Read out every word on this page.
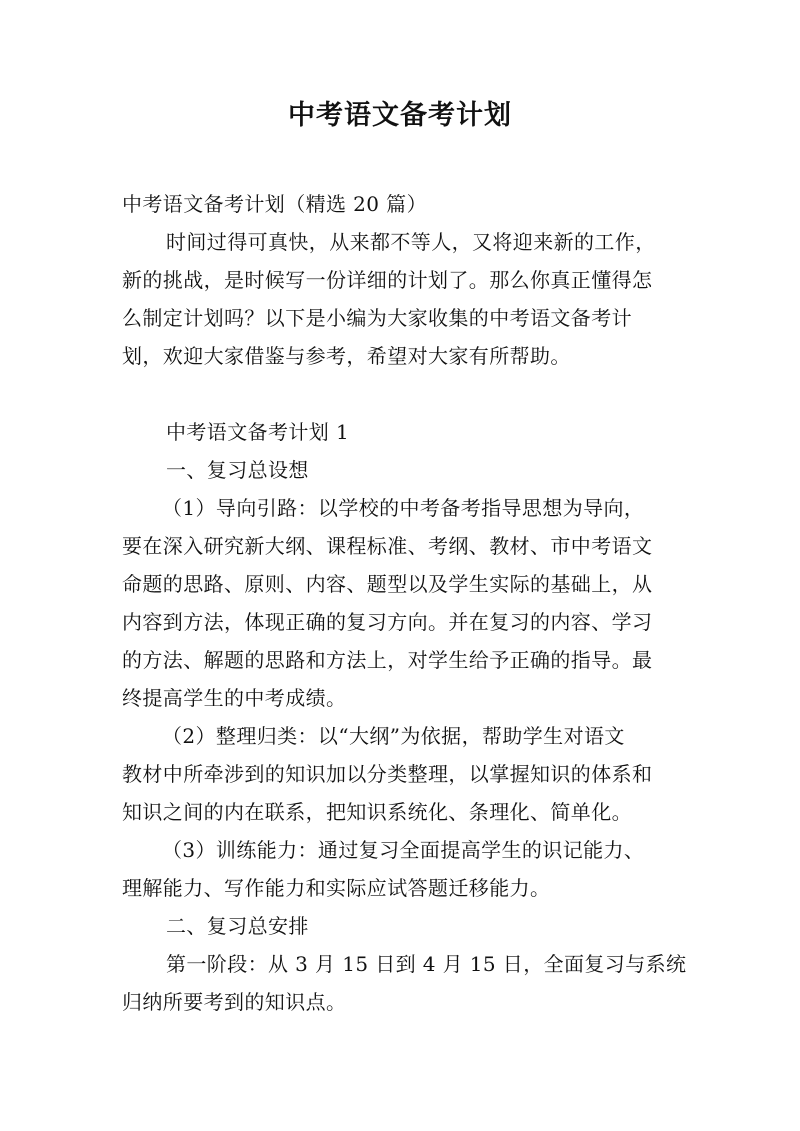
中考语文备考计划
中考语文备考计划（精选 20 篇）
时间过得可真快，从来都不等人，又将迎来新的工作，
新的挑战，是时候写一份详细的计划了。那么你真正懂得怎
么制定计划吗？以下是小编为大家收集的中考语文备考计
划，欢迎大家借鉴与参考，希望对大家有所帮助。
中考语文备考计划 1
一、复习总设想
（1）导向引路：以学校的中考备考指导思想为导向，
要在深入研究新大纲、课程标准、考纲、教材、市中考语文
命题的思路、原则、内容、题型以及学生实际的基础上，从
内容到方法，体现正确的复习方向。并在复习的内容、学习
的方法、解题的思路和方法上，对学生给予正确的指导。最
终提高学生的中考成绩。
（2）整理归类：以“大纲”为依据，帮助学生对语文
教材中所牵涉到的知识加以分类整理，以掌握知识的体系和
知识之间的内在联系，把知识系统化、条理化、简单化。
（3）训练能力：通过复习全面提高学生的识记能力、
理解能力、写作能力和实际应试答题迁移能力。
二、复习总安排
第一阶段：从 3 月 15 日到 4 月 15 日，全面复习与系统
归纳所要考到的知识点。
